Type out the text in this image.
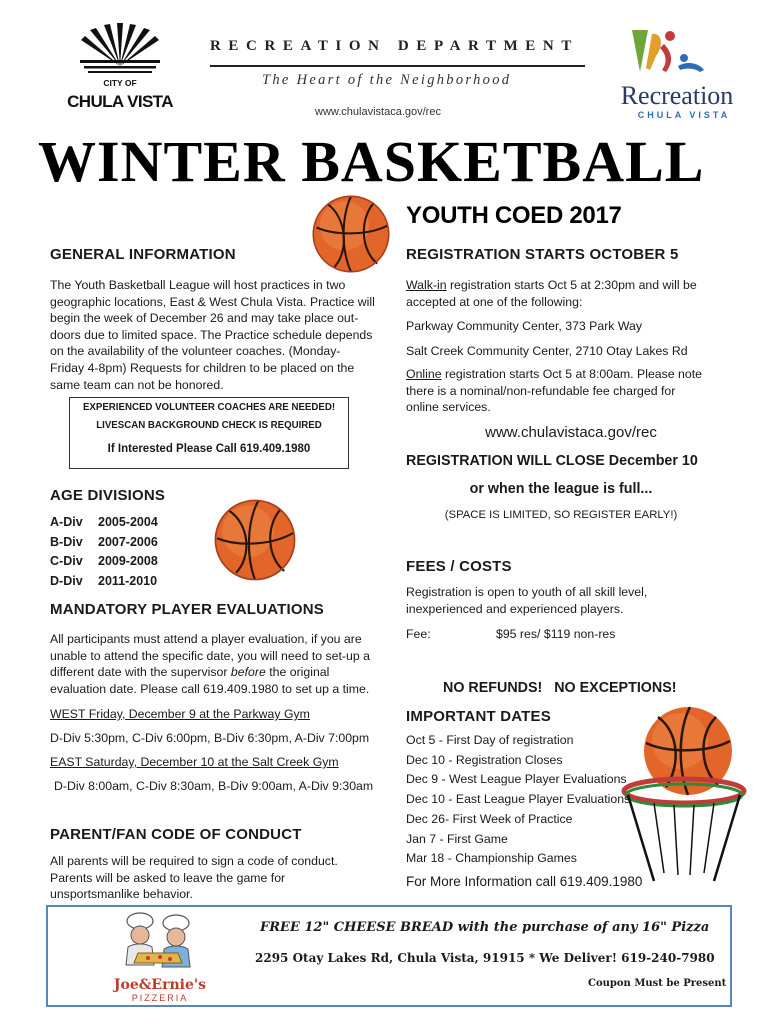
CITY OF
CHULA VISTA
RECREATION DEPARTMENT
The Heart of the Neighborhood
www.chulavistaca.gov/rec
Recreation
CHULA VISTA
WINTER BASKETBALL
YOUTH COED 2017
GENERAL INFORMATION
The Youth Basketball League will host practices in two
geographic locations, East & West Chula Vista. Practice will
begin the week of December 26 and may take place out-
doors due to limited space. The Practice schedule depends
on the availability of the volunteer coaches. (Monday-
Friday 4-8pm) Requests for children to be placed on the
same team can not be honored.
EXPERIENCED VOLUNTEER COACHES ARE NEEDED!
LIVESCAN BACKGROUND CHECK IS REQUIRED
If Interested Please Call 619.409.1980
AGE DIVISIONS
A-Div 2005-2004
B-Div 2007-2006
C-Div 2009-2008
D-Div 2011-2010
MANDATORY PLAYER EVALUATIONS
All participants must attend a player evaluation, if you are
unable to attend the specific date, you will need to set-up a
different date with the supervisor before the original
evaluation date. Please call 619.409.1980 to set up a time.
WEST Friday, December 9 at the Parkway Gym
D-Div 5:30pm, C-Div 6:00pm, B-Div 6:30pm, A-Div 7:00pm
EAST Saturday, December 10 at the Salt Creek Gym
D-Div 8:00am, C-Div 8:30am, B-Div 9:00am, A-Div 9:30am
PARENT/FAN CODE OF CONDUCT
All parents will be required to sign a code of conduct.
Parents will be asked to leave the game for
unsportsmanlike behavior.
REGISTRATION STARTS OCTOBER 5
Walk-in registration starts Oct 5 at 2:30pm and will be
accepted at one of the following:
Parkway Community Center, 373 Park Way
Salt Creek Community Center, 2710 Otay Lakes Rd
Online registration starts Oct 5 at 8:00am. Please note
there is a nominal/non-refundable fee charged for
online services.
www.chulavistaca.gov/rec
REGISTRATION WILL CLOSE December 10
or when the league is full...
(SPACE IS LIMITED, SO REGISTER EARLY!)
FEES / COSTS
Registration is open to youth of all skill level,
inexperienced and experienced players.
Fee:	$95 res/ $119 non-res
NO REFUNDS!   NO EXCEPTIONS!
IMPORTANT DATES
Oct 5 - First Day of registration
Dec 10 - Registration Closes
Dec 9 - West League Player Evaluations
Dec 10 - East League Player Evaluations
Dec 26- First Week of Practice
Jan 7 - First Game
Mar 18 - Championship Games
For More Information call 619.409.1980
Joe&Ernie's
PIZZERIA
FREE 12" CHEESE BREAD with the purchase of any 16" Pizza
2295 Otay Lakes Rd, Chula Vista, 91915 * We Deliver! 619-240-7980
Coupon Must be Present
